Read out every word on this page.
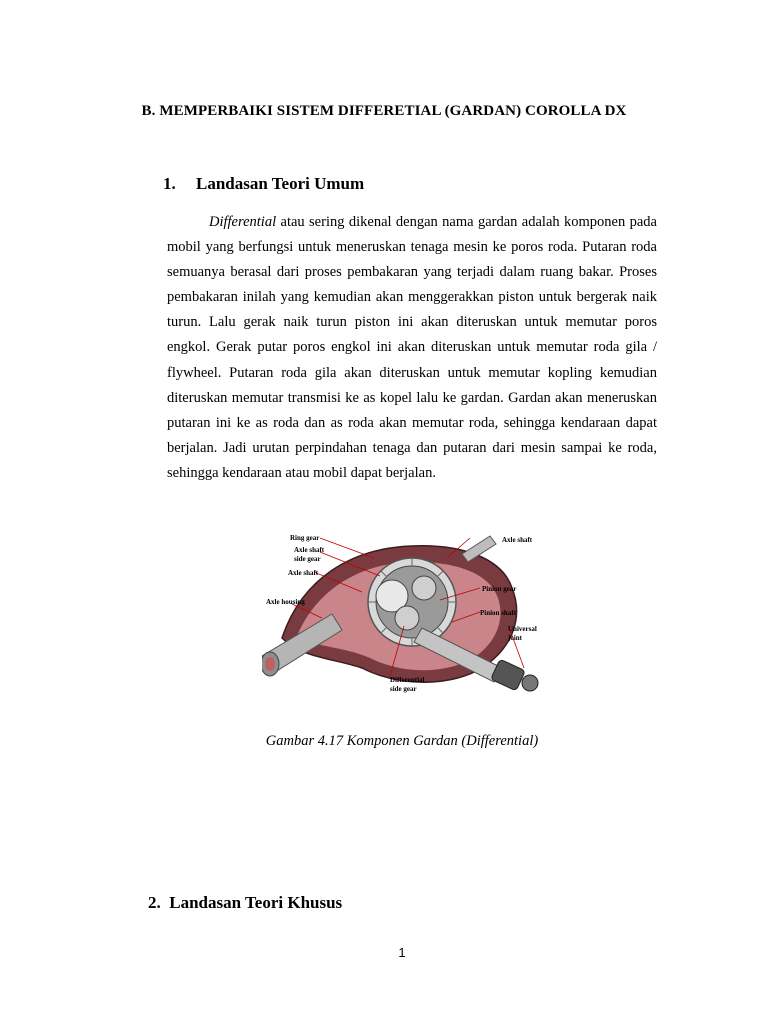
B. MEMPERBAIKI SISTEM DIFFERETIAL (GARDAN) COROLLA DX
1. Landasan Teori Umum

Differential atau sering dikenal dengan nama gardan adalah komponen pada mobil yang berfungsi untuk meneruskan tenaga mesin ke poros roda. Putaran roda semuanya berasal dari proses pembakaran yang terjadi dalam ruang bakar. Proses pembakaran inilah yang kemudian akan menggerakkan piston untuk bergerak naik turun. Lalu gerak naik turun piston ini akan diteruskan untuk memutar poros engkol. Gerak putar poros engkol ini akan diteruskan untuk memutar roda gila / flywheel. Putaran roda gila akan diteruskan untuk memutar kopling kemudian diteruskan memutar transmisi ke as kopel lalu ke gardan. Gardan akan meneruskan putaran ini ke as roda dan as roda akan memutar roda, sehingga kendaraan dapat berjalan. Jadi urutan perpindahan tenaga dan putaran dari mesin sampai ke roda, sehingga kendaraan atau mobil dapat berjalan.

Ring gear
Axle shaft
side gear
Axle shaft
Axle housing
Axle shaft
Pinion gear
Pinion shaft
Universal
joint
Differential
side gear
Gambar 4.17 Komponen Gardan (Differential)
2. Landasan Teori Khusus
1
